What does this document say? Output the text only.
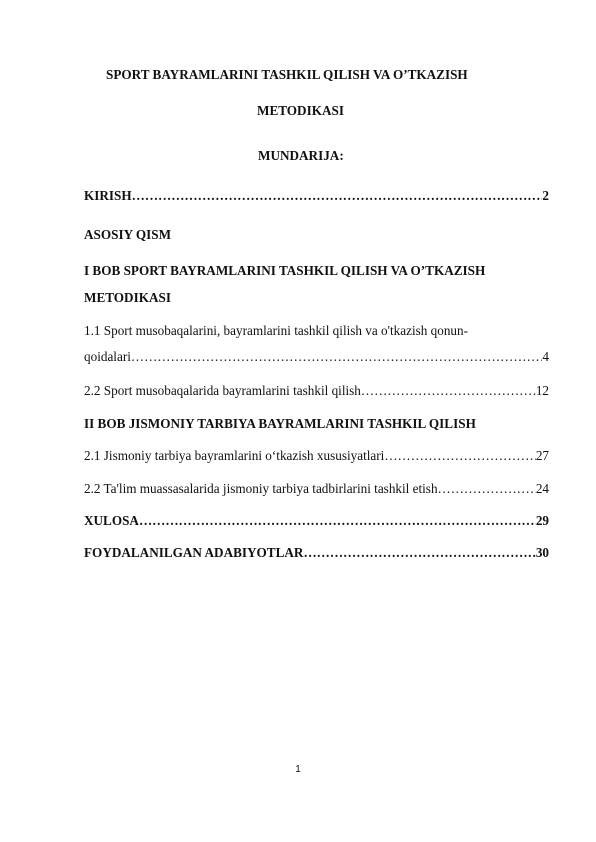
SPORT BAYRAMLARINI TASHKIL QILISH VA O’TKAZISH
METODIKASI
MUNDARIJA:
KIRISH ……………………………………………………………………………………………………………………………………………………	2
ASOSIY QISM
I BOB SPORT BAYRAMLARINI TASHKIL QILISH VA O’TKAZISH
METODIKASI
1.1 Sport musobaqalarini, bayramlarini tashkil qilish va o'tkazish qonun-
qoidalari ……………………………………………………………………………………………………………………………………………………	4
2.2 Sport musobaqalarida bayramlarini tashkil qilish ……………………………………………………………………………………………………………………………………………………	12
II BOB JISMONIY TARBIYA BAYRAMLARINI TASHKIL QILISH
2.1 Jismoniy tarbiya bayramlarini o‘tkazish xususiyatlari ……………………………………………………………………………………………………………………………………………………	27
2.2 Ta'lim muassasalarida jismoniy tarbiya tadbirlarini tashkil etish ……………………………………………………………………………………………………………………………………………………	24
XULOSA ……………………………………………………………………………………………………………………………………………………	29
FOYDALANILGAN ADABIYOTLAR ……………………………………………………………………………………………………………………………………………………	30
1
